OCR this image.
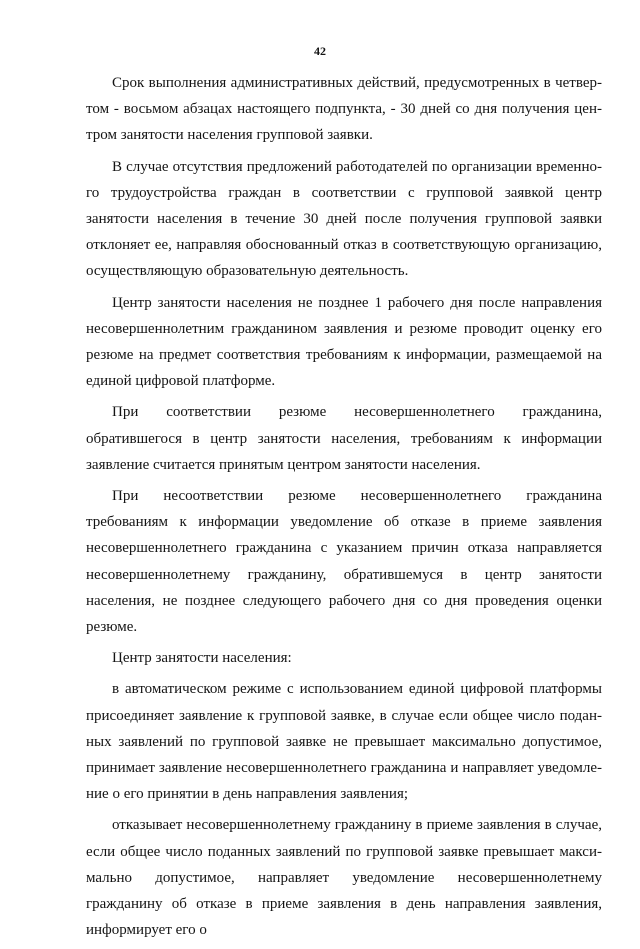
42

Срок выполнения административных действий, предусмотренных в четвертом - восьмом абзацах настоящего подпункта, - 30 дней со дня получения центром занятости населения групповой заявки.

В случае отсутствия предложений работодателей по организации временного трудоустройства граждан в соответствии с групповой заявкой центр занятости населения в течение 30 дней после получения групповой заявки отклоняет ее, направляя обоснованный отказ в соответствующую организацию, осуществляющую образовательную деятельность.

Центр занятости населения не позднее 1 рабочего дня после направления несовершеннолетним гражданином заявления и резюме проводит оценку его резюме на предмет соответствия требованиям к информации, размещаемой на единой цифровой платформе.

При соответствии резюме несовершеннолетнего гражданина, обратившегося в центр занятости населения, требованиям к информации заявление считается принятым центром занятости населения.

При несоответствии резюме несовершеннолетнего гражданина требованиям к информации уведомление об отказе в приеме заявления несовершеннолетнего гражданина с указанием причин отказа направляется несовершеннолетнему гражданину, обратившемуся в центр занятости населения, не позднее следующего рабочего дня со дня проведения оценки резюме.

Центр занятости населения:

в автоматическом режиме с использованием единой цифровой платформы присоединяет заявление к групповой заявке, в случае если общее число поданных заявлений по групповой заявке не превышает максимально допустимое, принимает заявление несовершеннолетнего гражданина и направляет уведомление о его принятии в день направления заявления;

отказывает несовершеннолетнему гражданину в приеме заявления в случае, если общее число поданных заявлений по групповой заявке превышает максимально допустимое, направляет уведомление несовершеннолетнему гражданину об отказе в приеме заявления в день направления заявления, информирует его о
